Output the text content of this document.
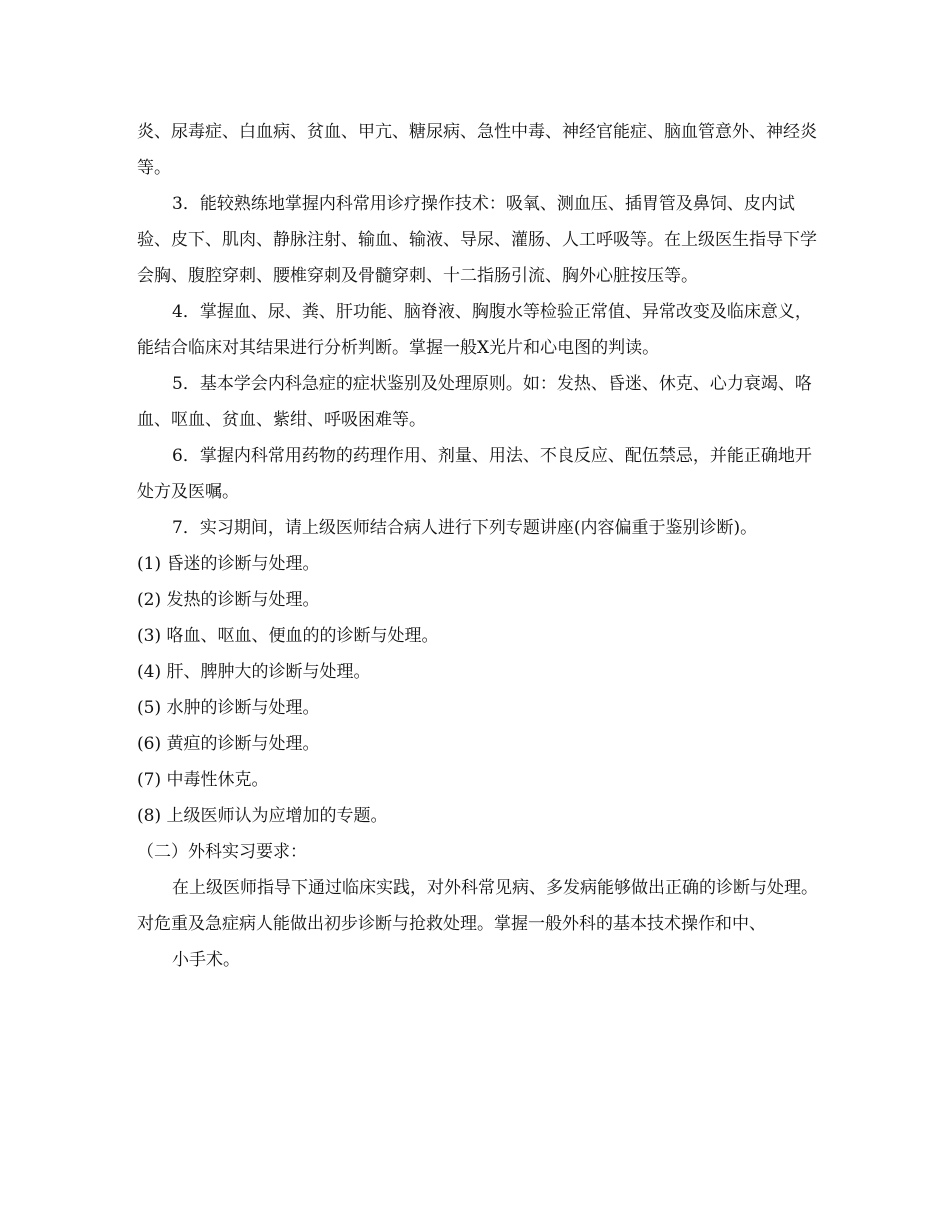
炎、尿毒症、白血病、贫血、甲亢、糖尿病、急性中毒、神经官能症、脑血管意外、神经炎等。

3．能较熟练地掌握内科常用诊疗操作技术：吸氧、测血压、插胃管及鼻饲、皮内试验、皮下、肌肉、静脉注射、输血、输液、导尿、灌肠、人工呼吸等。在上级医生指导下学会胸、腹腔穿刺、腰椎穿刺及骨髓穿刺、十二指肠引流、胸外心脏按压等。

4．掌握血、尿、粪、肝功能、脑脊液、胸腹水等检验正常值、异常改变及临床意义，能结合临床对其结果进行分析判断。掌握一般X光片和心电图的判读。

5．基本学会内科急症的症状鉴别及处理原则。如：发热、昏迷、休克、心力衰竭、咯血、呕血、贫血、紫绀、呼吸困难等。

6．掌握内科常用药物的药理作用、剂量、用法、不良反应、配伍禁忌，并能正确地开处方及医嘱。

7．实习期间，请上级医师结合病人进行下列专题讲座(内容偏重于鉴别诊断)。

(1) 昏迷的诊断与处理。

(2) 发热的诊断与处理。

(3) 咯血、呕血、便血的的诊断与处理。

(4) 肝、脾肿大的诊断与处理。

(5) 水肿的诊断与处理。

(6) 黄疸的诊断与处理。

(7) 中毒性休克。

(8) 上级医师认为应增加的专题。

（二）外科实习要求：

在上级医师指导下通过临床实践，对外科常见病、多发病能够做出正确的诊断与处理。对危重及急症病人能做出初步诊断与抢救处理。掌握一般外科的基本技术操作和中、

小手术。
